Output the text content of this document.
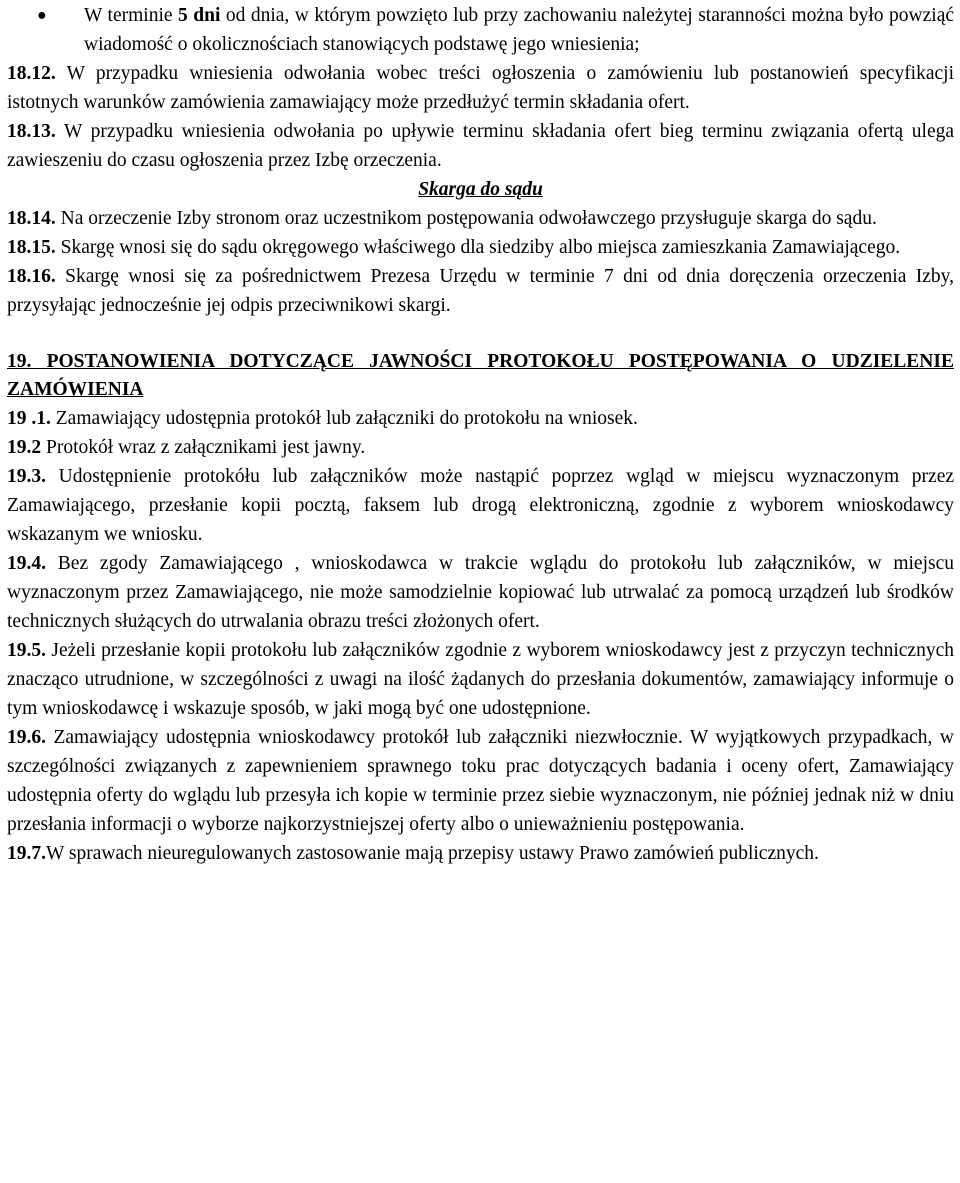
● W terminie 5 dni od dnia, w którym powzięto lub przy zachowaniu należytej staranności można było powziąć wiadomość o okolicznościach stanowiących podstawę jego wniesienia;

18.12. W przypadku wniesienia odwołania wobec treści ogłoszenia o zamówieniu lub postanowień specyfikacji istotnych warunków zamówienia zamawiający może przedłużyć termin składania ofert.

18.13. W przypadku wniesienia odwołania po upływie terminu składania ofert bieg terminu związania ofertą ulega zawieszeniu do czasu ogłoszenia przez Izbę orzeczenia.

Skarga do sądu

18.14. Na orzeczenie Izby stronom oraz uczestnikom postępowania odwoławczego przysługuje skarga do sądu.

18.15. Skargę wnosi się do sądu okręgowego właściwego dla siedziby albo miejsca zamieszkania Zamawiającego.

18.16. Skargę wnosi się za pośrednictwem Prezesa Urzędu w terminie 7 dni od dnia doręczenia orzeczenia Izby, przysyłając jednocześnie jej odpis przeciwnikowi skargi.

19. POSTANOWIENIA DOTYCZĄCE JAWNOŚCI PROTOKOŁU POSTĘPOWANIA O UDZIELENIE ZAMÓWIENIA

19 .1. Zamawiający udostępnia protokół lub załączniki do protokołu na wniosek.

19.2 Protokół wraz z załącznikami jest jawny.

19.3. Udostępnienie protokółu lub załączników może nastąpić poprzez wgląd w miejscu wyznaczonym przez Zamawiającego, przesłanie kopii pocztą, faksem lub drogą elektroniczną, zgodnie z wyborem wnioskodawcy wskazanym we wniosku.

19.4. Bez zgody Zamawiającego , wnioskodawca w trakcie wglądu do protokołu lub załączników, w miejscu wyznaczonym przez Zamawiającego, nie może samodzielnie kopiować lub utrwalać za pomocą urządzeń lub środków technicznych służących do utrwalania obrazu treści złożonych ofert.

19.5. Jeżeli przesłanie kopii protokołu lub załączników zgodnie z wyborem wnioskodawcy jest z przyczyn technicznych znacząco utrudnione, w szczególności z uwagi na ilość żądanych do przesłania dokumentów, zamawiający informuje o tym wnioskodawcę i wskazuje sposób, w jaki mogą być one udostępnione.

19.6. Zamawiający udostępnia wnioskodawcy protokół lub załączniki niezwłocznie. W wyjątkowych przypadkach, w szczególności związanych z zapewnieniem sprawnego toku prac dotyczących badania i oceny ofert, Zamawiający udostępnia oferty do wglądu lub przesyła ich kopie w terminie przez siebie wyznaczonym, nie później jednak niż w dniu przesłania informacji o wyborze najkorzystniejszej oferty albo o unieważnieniu postępowania.

19.7.W sprawach nieuregulowanych zastosowanie mają przepisy ustawy Prawo zamówień publicznych.
